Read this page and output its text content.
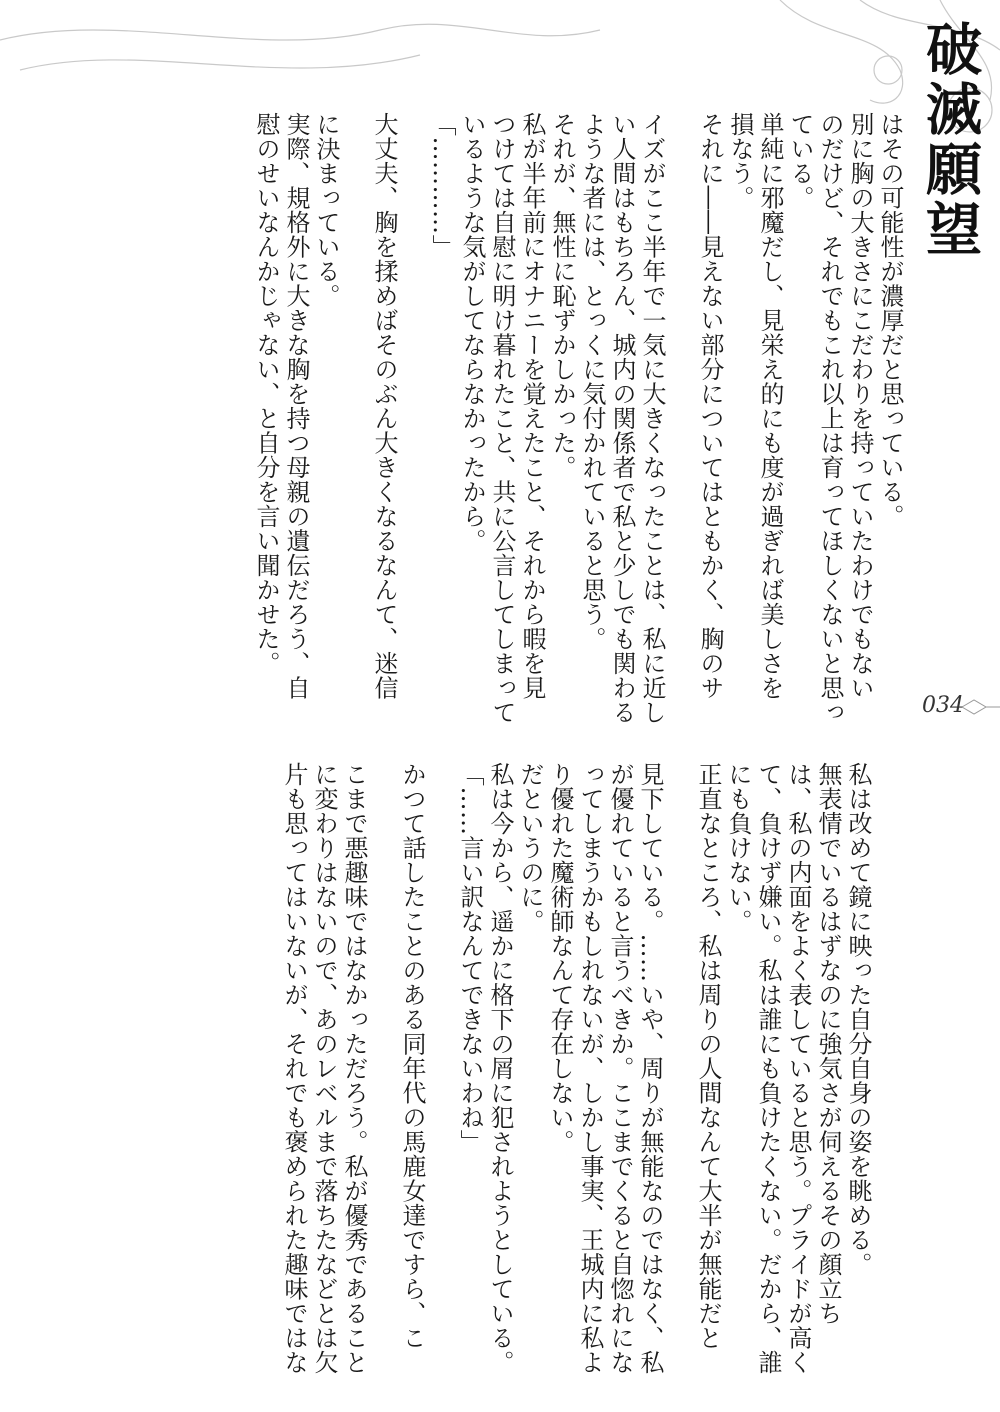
破滅願望
034
はその可能性が濃厚だと思っている。
別に胸の大きさにこだわりを持っていたわけでもない
のだけど、それでもこれ以上は育ってほしくないと思っ
ている。
単純に邪魔だし、見栄え的にも度が過ぎれば美しさを
損なう。
それに――見えない部分についてはともかく、胸のサ
イズがここ半年で一気に大きくなったことは、私に近し
い人間はもちろん、城内の関係者で私と少しでも関わる
ような者には、とっくに気付かれていると思う。
それが、無性に恥ずかしかった。
私が半年前にオナニーを覚えたこと、それから暇を見
つけては自慰に明け暮れたこと、共に公言してしまって
いるような気がしてならなかったから。
「…………」
大丈夫、胸を揉めばそのぶん大きくなるなんて、迷信
に決まっている。
実際、規格外に大きな胸を持つ母親の遺伝だろう、自
慰のせいなんかじゃない、と自分を言い聞かせた。
私は改めて鏡に映った自分自身の姿を眺める。
無表情でいるはずなのに強気さが伺えるその顔立ち
は、私の内面をよく表していると思う。プライドが高く
て、負けず嫌い。私は誰にも負けたくない。だから、誰
にも負けない。
正直なところ、私は周りの人間なんて大半が無能だと
見下している。……いや、周りが無能なのではなく、私
が優れていると言うべきか。ここまでくると自惚れにな
ってしまうかもしれないが、しかし事実、王城内に私よ
り優れた魔術師なんて存在しない。
だというのに。
私は今から、遥かに格下の屑に犯されようとしている。
「……言い訳なんてできないわね」
かつて話したことのある同年代の馬鹿女達ですら、こ
こまで悪趣味ではなかっただろう。私が優秀であること
に変わりはないので、あのレベルまで落ちたなどとは欠
片も思ってはいないが、それでも褒められた趣味ではな
